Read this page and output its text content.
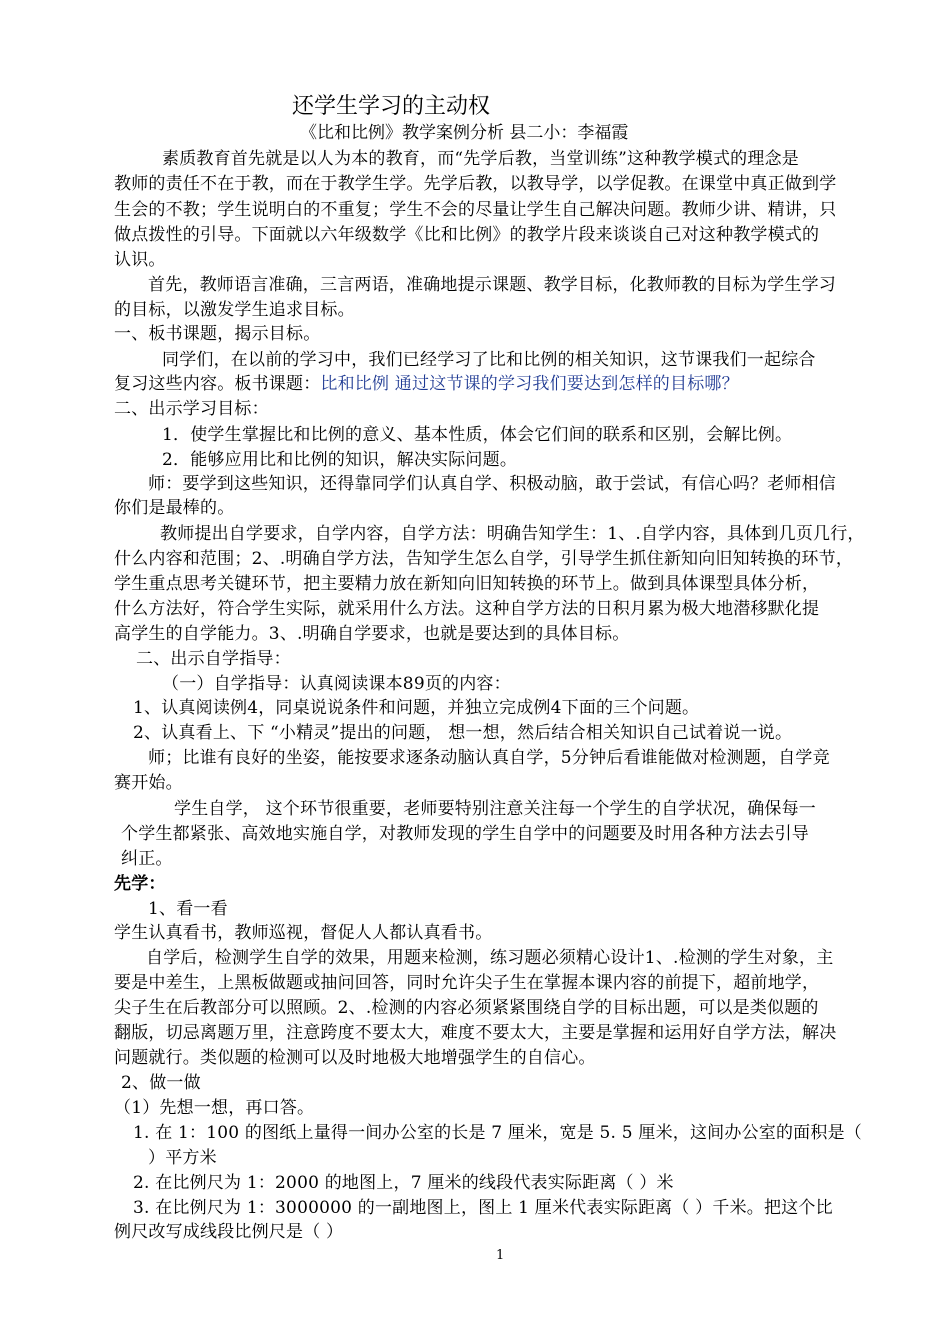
还学生学习的主动权
《比和比例》教学案例分析 县二小：李福霞
素质教育首先就是以人为本的教育，而“先学后教，当堂训练”这种教学模式的理念是
教师的责任不在于教，而在于教学生学。先学后教，以教导学，以学促教。在课堂中真正做到学
生会的不教；学生说明白的不重复；学生不会的尽量让学生自己解决问题。教师少讲、精讲，只
做点拨性的引导。下面就以六年级数学《比和比例》的教学片段来谈谈自己对这种教学模式的
认识。
首先，教师语言准确，三言两语，准确地提示课题、教学目标，化教师教的目标为学生学习
的目标，以激发学生追求目标。
一、板书课题，揭示目标。
同学们，在以前的学习中，我们已经学习了比和比例的相关知识，这节课我们一起综合
复习这些内容。板书课题：比和比例 通过这节课的学习我们要达到怎样的目标哪？
二、出示学习目标：
1．使学生掌握比和比例的意义、基本性质，体会它们间的联系和区别，会解比例。
2．能够应用比和比例的知识，解决实际问题。
师：要学到这些知识，还得靠同学们认真自学、积极动脑，敢于尝试，有信心吗？老师相信
你们是最棒的。
教师提出自学要求，自学内容，自学方法：明确告知学生：1、.自学内容，具体到几页几行，
什么内容和范围；2、.明确自学方法，告知学生怎么自学，引导学生抓住新知向旧知转换的环节，
学生重点思考关键环节，把主要精力放在新知向旧知转换的环节上。做到具体课型具体分析，
什么方法好，符合学生实际，就采用什么方法。这种自学方法的日积月累为极大地潜移默化提
高学生的自学能力。3、.明确自学要求，也就是要达到的具体目标。
二、出示自学指导：
（一）自学指导：认真阅读课本89页的内容：
1、认真阅读例4，同桌说说条件和问题，并独立完成例4下面的三个问题。
2、认真看上、下 “小精灵”提出的问题， 想一想，然后结合相关知识自己试着说一说。
师；比谁有良好的坐姿，能按要求逐条动脑认真自学，5分钟后看谁能做对检测题，自学竞
赛开始。
学生自学， 这个环节很重要，老师要特别注意关注每一个学生的自学状况，确保每一
个学生都紧张、高效地实施自学，对教师发现的学生自学中的问题要及时用各种方法去引导
纠正。
先学：
1、看一看
学生认真看书，教师巡视，督促人人都认真看书。
自学后，检测学生自学的效果，用题来检测，练习题必须精心设计1、.检测的学生对象，主
要是中差生，上黑板做题或抽问回答，同时允许尖子生在掌握本课内容的前提下，超前地学，
尖子生在后教部分可以照顾。2、.检测的内容必须紧紧围绕自学的目标出题，可以是类似题的
翻版，切忌离题万里，注意跨度不要太大，难度不要太大，主要是掌握和运用好自学方法，解决
问题就行。类似题的检测可以及时地极大地增强学生的自信心。
2、做一做
（1）先想一想，再口答。
1. 在 1：100 的图纸上量得一间办公室的长是 7 厘米，宽是 5. 5 厘米，这间办公室的面积是（
）平方米
2. 在比例尺为 1：2000 的地图上，7 厘米的线段代表实际距离（ ）米
3. 在比例尺为 1：3000000 的一副地图上，图上 1 厘米代表实际距离（ ）千米。把这个比
例尺改写成线段比例尺是（ ）
1
